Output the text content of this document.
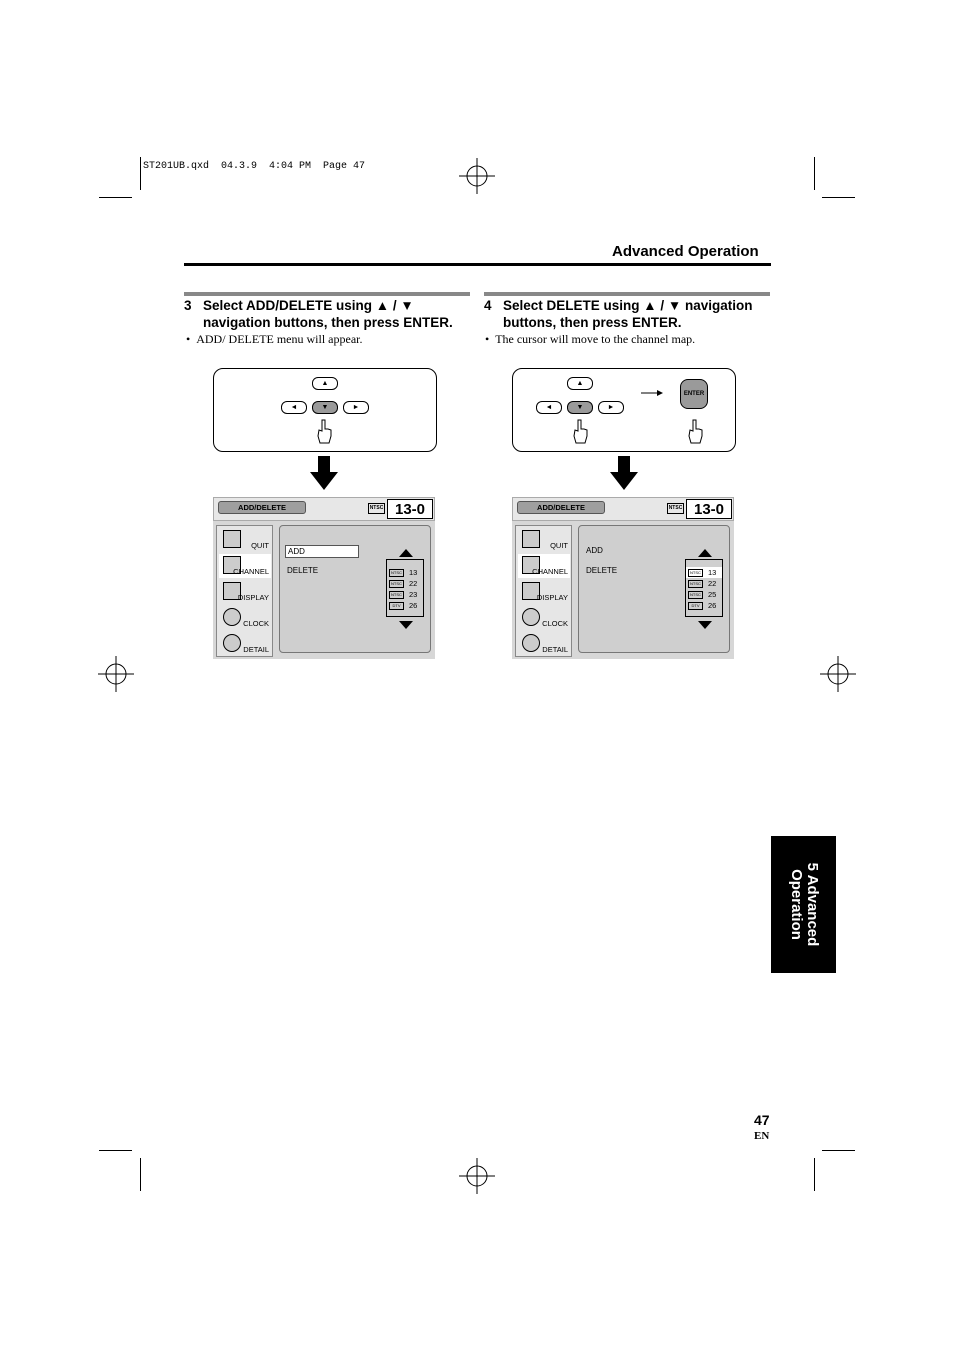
ST201UB.qxd  04.3.9  4:04 PM  Page 47
Advanced Operation
3 Select ADD/DELETE using ▲ / ▼
navigation buttons, then press ENTER.
•  ADD/ DELETE menu will appear.
4 Select DELETE using ▲ / ▼ navigation
buttons, then press ENTER.
•  The cursor will move to the channel map.
▲
◄	▼	►
▲
◄	▼	►
ENTER
ADD/DELETE	NTSC 13-0
QUIT
CHANNEL
DISPLAY
CLOCK
DETAIL
ADD
DELETE	NTSC 13
NTSC 22
NTSC 23
DTV	26
ADD/DELETE	NTSC 13-0
QUIT
CHANNEL
DISPLAY
CLOCK
DETAIL
ADD
DELETE	NTSC 13
NTSC 22
NTSC 25
DTV	26
5 Advanced Operation
47
EN
